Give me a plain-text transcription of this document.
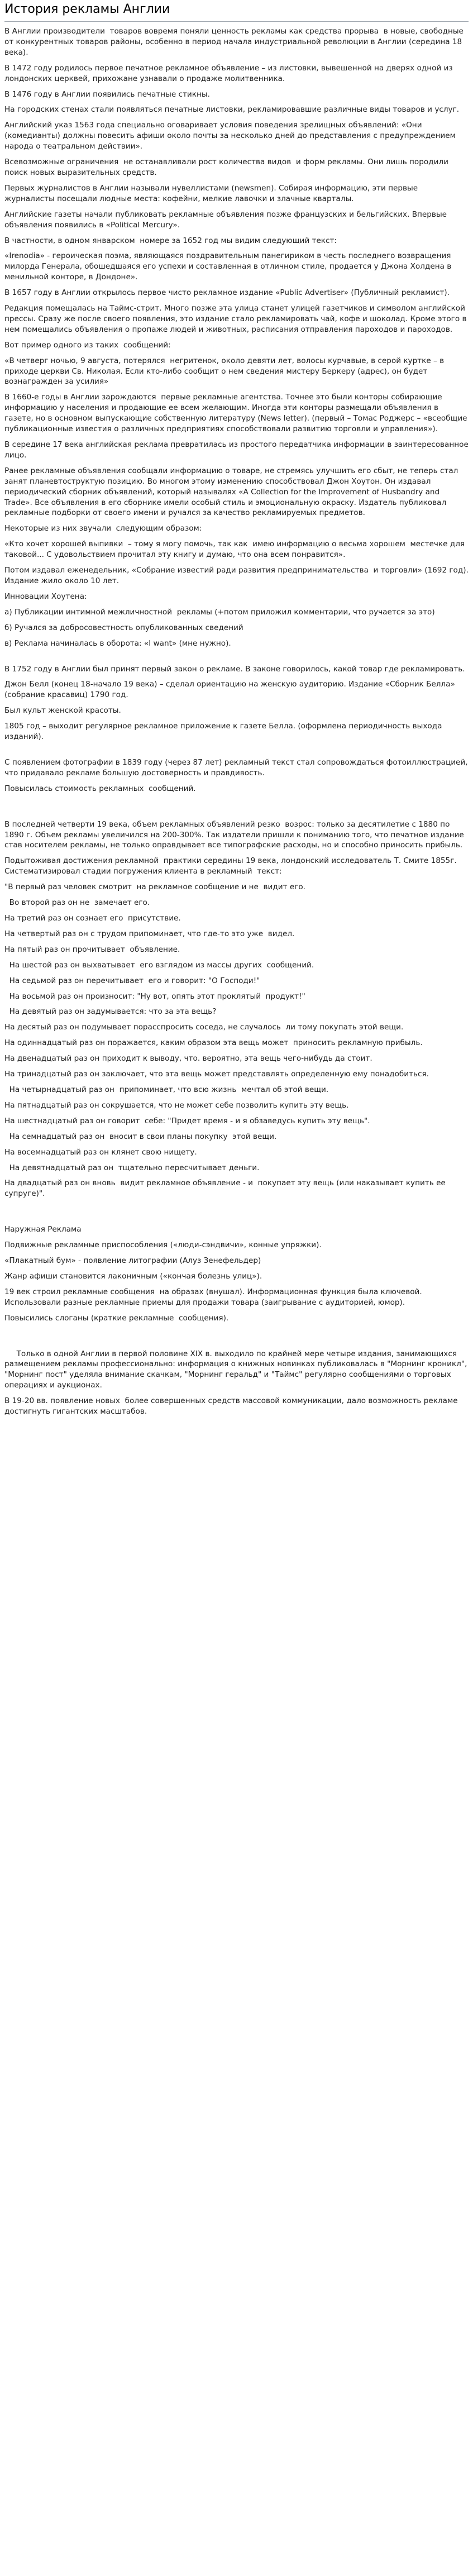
История рекламы Англии

В Англии производители  товаров вовремя поняли ценность рекламы как средства прорыва  в новые, свободные от конкурентных товаров районы, особенно в период начала индустриальной революции в Англии (середина 18 века).

В 1472 году родилось первое печатное рекламное объявление – из листовки, вывешенной на дверях одной из лондонских церквей, прихожане узнавали о продаже молитвенника.

В 1476 году в Англии появились печатные стикны.

На городских стенах стали появляться печатные листовки, рекламировавшие различные виды товаров и услуг.

Английский указ 1563 года специально оговаривает условия поведения зрелищных объявлений: «Они (комедианты) должны повесить афиши около почты за несколько дней до представления с предупреждением народа о театральном действии».

Всевозможные ограничения  не останавливали рост количества видов  и форм рекламы. Они лишь породили поиск новых выразительных средств.

Первых журналистов в Англии называли нувеллистами (newsmen). Собирая информацию, эти первые журналисты посещали людные места: кофейни, мелкие лавочки и злачные кварталы.

Английские газеты начали публиковать рекламные объявления позже французских и бельгийских. Впервые объявления появились в «Political Mercury».

В частности, в одном январском  номере за 1652 год мы видим следующий текст:

«Irenodia» - героическая поэма, являющаяся поздравительным панегириком в честь последнего возвращения милорда Генерала, обошедшаяся его успехи и составленная в отличном стиле, продается у Джона Холдена в менильной конторе, в Дондоне».

В 1657 году в Англии открылось первое чисто рекламное издание «Public Advertiser» (Публичный рекламист).

Редакция помещалась на Таймс-стрит. Много позже эта улица станет улицей газетчиков и символом английской прессы. Сразу же после своего появления, это издание стало рекламировать чай, кофе и шоколад. Кроме этого в нем помещались объявления о пропаже людей и животных, расписания отправления пароходов и пароходов.

Вот пример одного из таких  сообщений:

«В четверг ночью, 9 августа, потерялся  негритенок, около девяти лет, волосы курчавые, в серой куртке – в приходе церкви Св. Николая. Если кто-либо сообщит о нем сведения мистеру Беркеру (адрес), он будет вознагражден за усилия»

В 1660-е годы в Англии зарождаются  первые рекламные агентства. Точнее это были конторы собирающие информацию у населения и продающие ее всем желающим. Иногда эти конторы размещали объявления в газете, но в основном выпускающие собственную литературу (News letter). (первый – Томас Роджерс – «всеобщие публикационные известия о различных предприятиях способствовали развитию торговли и управления»).

В середине 17 века английская реклама превратилась из простого передатчика информации в заинтересованное лицо.

Ранее рекламные объявления сообщали информацию о товаре, не стремясь улучшить его сбыт, не теперь стал занят планевтоструктую позицию. Во многом этому изменению способствовал Джон Хоутон. Он издавал периодический сборник объявлений, который называлях «A Collection for the Improvement of Husbandry and Trade». Все объявления в его сборнике имели особый стиль и эмоциональную окраску. Издатель публиковал рекламные подборки от своего имени и ручался за качество рекламируемых предметов.

Некоторые из них звучали  следующим образом:

«Кто хочет хорошей выпивки  – тому я могу помочь, так как  имею информацию о весьма хорошем  местечке для таковой... С удовольствием прочитал эту книгу и думаю, что она всем понравится».

Потом издавал еженедельник, «Собрание известий ради развития предпринимательства  и торговли» (1692 год). Издание жило около 10 лет.

Инновации Хоутена:

а) Публикации интимной межличностной  рекламы (+потом приложил комментарии, что ручается за это)

б) Ручался за добросовестность опубликованных сведений

в) Реклама начиналась в оборота: «I want» (мне нужно).

В 1752 году в Англии был принят первый закон о рекламе. В законе говорилось, какой товар где рекламировать.

Джон Белл (конец 18-начало 19 века) – сделал ориентацию на женскую аудиторию. Издание «Сборник Белла» (собрание красавиц) 1790 год.

Был культ женской красоты.

1805 год – выходит регулярное рекламное приложение к газете Белла. (оформлена периодичность выхода изданий).

С появлением фотографии в 1839 году (через 87 лет) рекламный текст стал сопровождаться фотоиллюстрацией, что придавало рекламе большую достоверность и правдивость.

Повысилась стоимость рекламных  сообщений.

В последней четверти 19 века, объем рекламных объявлений резко  возрос: только за десятилетие с 1880 по 1890 г. Объем рекламы увеличился на 200-300%. Так издатели пришли к пониманию того, что печатное издание став носителем рекламы, не только оправдывает все типографские расходы, но и способно приносить прибыль.

Подытоживая достижения рекламной  практики середины 19 века, лондонский исследователь Т. Смите 1855г. Систематизировал стадии погружения клиента в рекламный  текст:

"В первый раз человек смотрит  на рекламное сообщение и не  видит его.

Во второй раз он не  замечает его.

На третий раз он сознает его  присутствие.

На четвертый раз он с трудом припоминает, что где-то это уже  видел.

На пятый раз он прочитывает  объявление.

На шестой раз он выхватывает  его взглядом из массы других  сообщений.

На седьмой раз он перечитывает  его и говорит: "О Господи!"

На восьмой раз он произносит: "Ну вот, опять этот проклятый  продукт!"

На девятый раз он задумывается: что за эта вещь?

На десятый раз он подумывает порасспросить соседа, не случалось  ли тому покупать этой вещи.

На одиннадцатый раз он поражается, каким образом эта вещь может  приносить рекламную прибыль.

На двенадцатый раз он приходит к выводу, что. вероятно, эта вещь чего-нибудь да стоит.

На тринадцатый раз он заключает, что эта вещь может представлять определенную ему понадобиться.

На четырнадцатый раз он  припоминает, что всю жизнь  мечтал об этой вещи.

На пятнадцатый раз он сокрушается, что не может себе позволить купить эту вещь.

На шестнадцатый раз он говорит  себе: "Придет время - и я обзаведусь купить эту вещь".

На семнадцатый раз он  вносит в свои планы покупку  этой вещи.

На восемнадцатый раз он клянет свою нищету.

На девятнадцатый раз он  тщательно пересчитывает деньги.

На двадцатый раз он вновь  видит рекламное объявление - и  покупает эту вещь (или наказывает купить ее супруге)".

Наружная Реклама

Подвижные рекламные приспособления («люди-сэндвичи», конные упряжки).

«Плакатный бум» - появление литографии (Алуз Зенефельдер)

Жанр афиши становится лаконичным («кончая болезнь улиц»).

19 век строил рекламные сообщения  на образах (внушал). Информационная функция была ключевой. Использовали разные рекламные приемы для продажи товара (заигрывание с аудиторией, юмор).

Повысились слоганы (краткие рекламные  сообщения).

Только в одной Англии в первой половине XIX в. выходило по крайней мере четыре издания, занимающихся размещением рекламы профессионально: информация о книжных новинках публиковалась в "Морнинг кроникл", "Морнинг пост" уделяла внимание скачкам, "Морнинг геральд" и "Таймс" регулярно сообщениями о торговых операциях и аукционах.

В 19-20 вв. появление новых  более совершенных средств массовой коммуникации, дало возможность рекламе  достигнуть гигантских масштабов.
